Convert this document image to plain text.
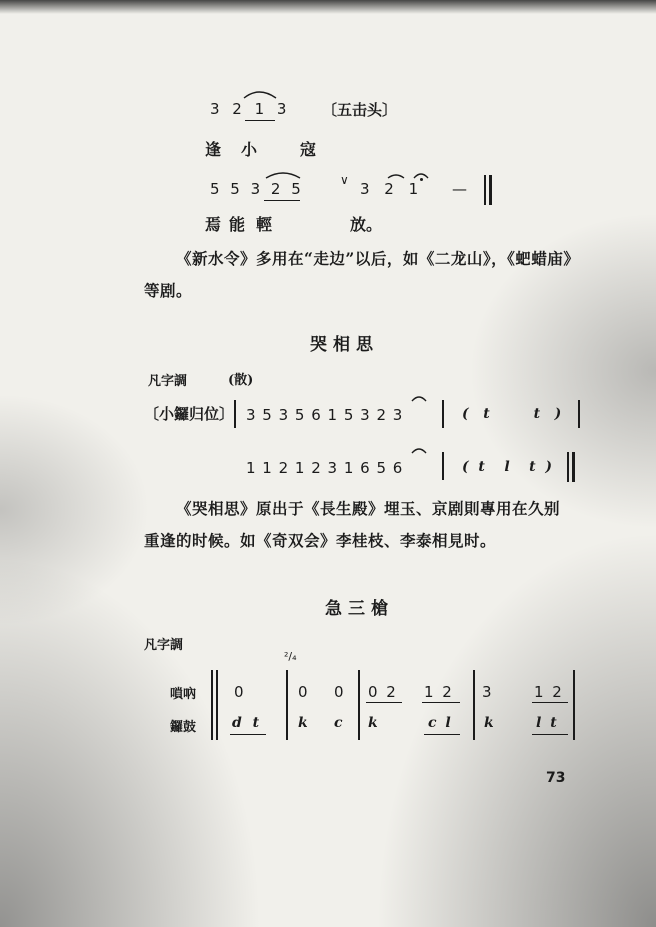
3 2 1 3 〔五击头〕
逢 小	寇
5 5 3 2 5	∨ 3 2 1 —
焉 能 輕	放。
《新水令》多用在“走边”以后，如《二龙山》，《蚆蜡庙》等剧。
哭相思
凡字調	(散)
〔小鑼归位〕 3 5 3 5 6 1 5 3 2 3	(   t         t   )
1 1 2 1 2 3 1 6 5 6	(  t    l    t  )
《哭相思》原出于《長生殿》埋玉、京剧則專用在久别
重逢的时候。如《奇双会》李桂枝、李泰相見时。
急三槍
凡字調
²/₄
嗩吶
鑼鼓
0
d t
0 0
k c
0 2 1 2
k	c l
3	1 2
k	l t
73
